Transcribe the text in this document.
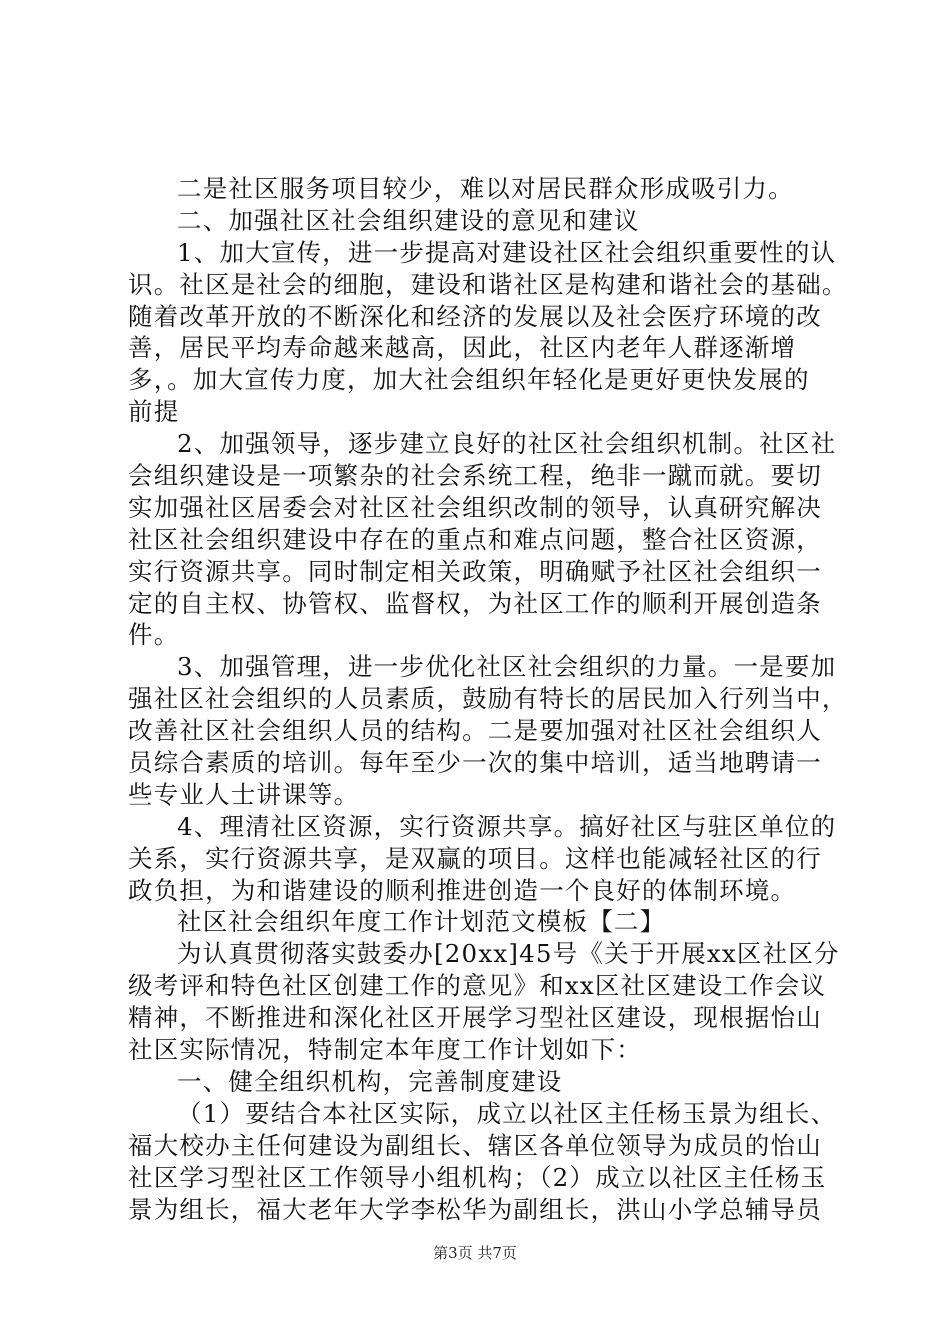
二是社区服务项目较少，难以对居民群众形成吸引力。
二、加强社区社会组织建设的意见和建议
1、加大宣传，进一步提高对建设社区社会组织重要性的认
识。社区是社会的细胞，建设和谐社区是构建和谐社会的基础。
随着改革开放的不断深化和经济的发展以及社会医疗环境的改
善，居民平均寿命越来越高，因此，社区内老年人群逐渐增
多，。加大宣传力度，加大社会组织年轻化是更好更快发展的
前提
2、加强领导，逐步建立良好的社区社会组织机制。社区社
会组织建设是一项繁杂的社会系统工程，绝非一蹴而就。要切
实加强社区居委会对社区社会组织改制的领导，认真研究解决
社区社会组织建设中存在的重点和难点问题，整合社区资源，
实行资源共享。同时制定相关政策，明确赋予社区社会组织一
定的自主权、协管权、监督权，为社区工作的顺利开展创造条
件。
3、加强管理，进一步优化社区社会组织的力量。一是要加
强社区社会组织的人员素质，鼓励有特长的居民加入行列当中，
改善社区社会组织人员的结构。二是要加强对社区社会组织人
员综合素质的培训。每年至少一次的集中培训，适当地聘请一
些专业人士讲课等。
4、理清社区资源，实行资源共享。搞好社区与驻区单位的
关系，实行资源共享，是双赢的项目。这样也能减轻社区的行
政负担，为和谐建设的顺利推进创造一个良好的体制环境。
社区社会组织年度工作计划范文模板【二】
为认真贯彻落实鼓委办[20xx]45号《关于开展xx区社区分
级考评和特色社区创建工作的意见》和xx区社区建设工作会议
精神，不断推进和深化社区开展学习型社区建设，现根据怡山
社区实际情况，特制定本年度工作计划如下：
一、健全组织机构，完善制度建设
（1）要结合本社区实际，成立以社区主任杨玉景为组长、
福大校办主任何建设为副组长、辖区各单位领导为成员的怡山
社区学习型社区工作领导小组机构；（2）成立以社区主任杨玉
景为组长，福大老年大学李松华为副组长，洪山小学总辅导员
第3页 共7页
